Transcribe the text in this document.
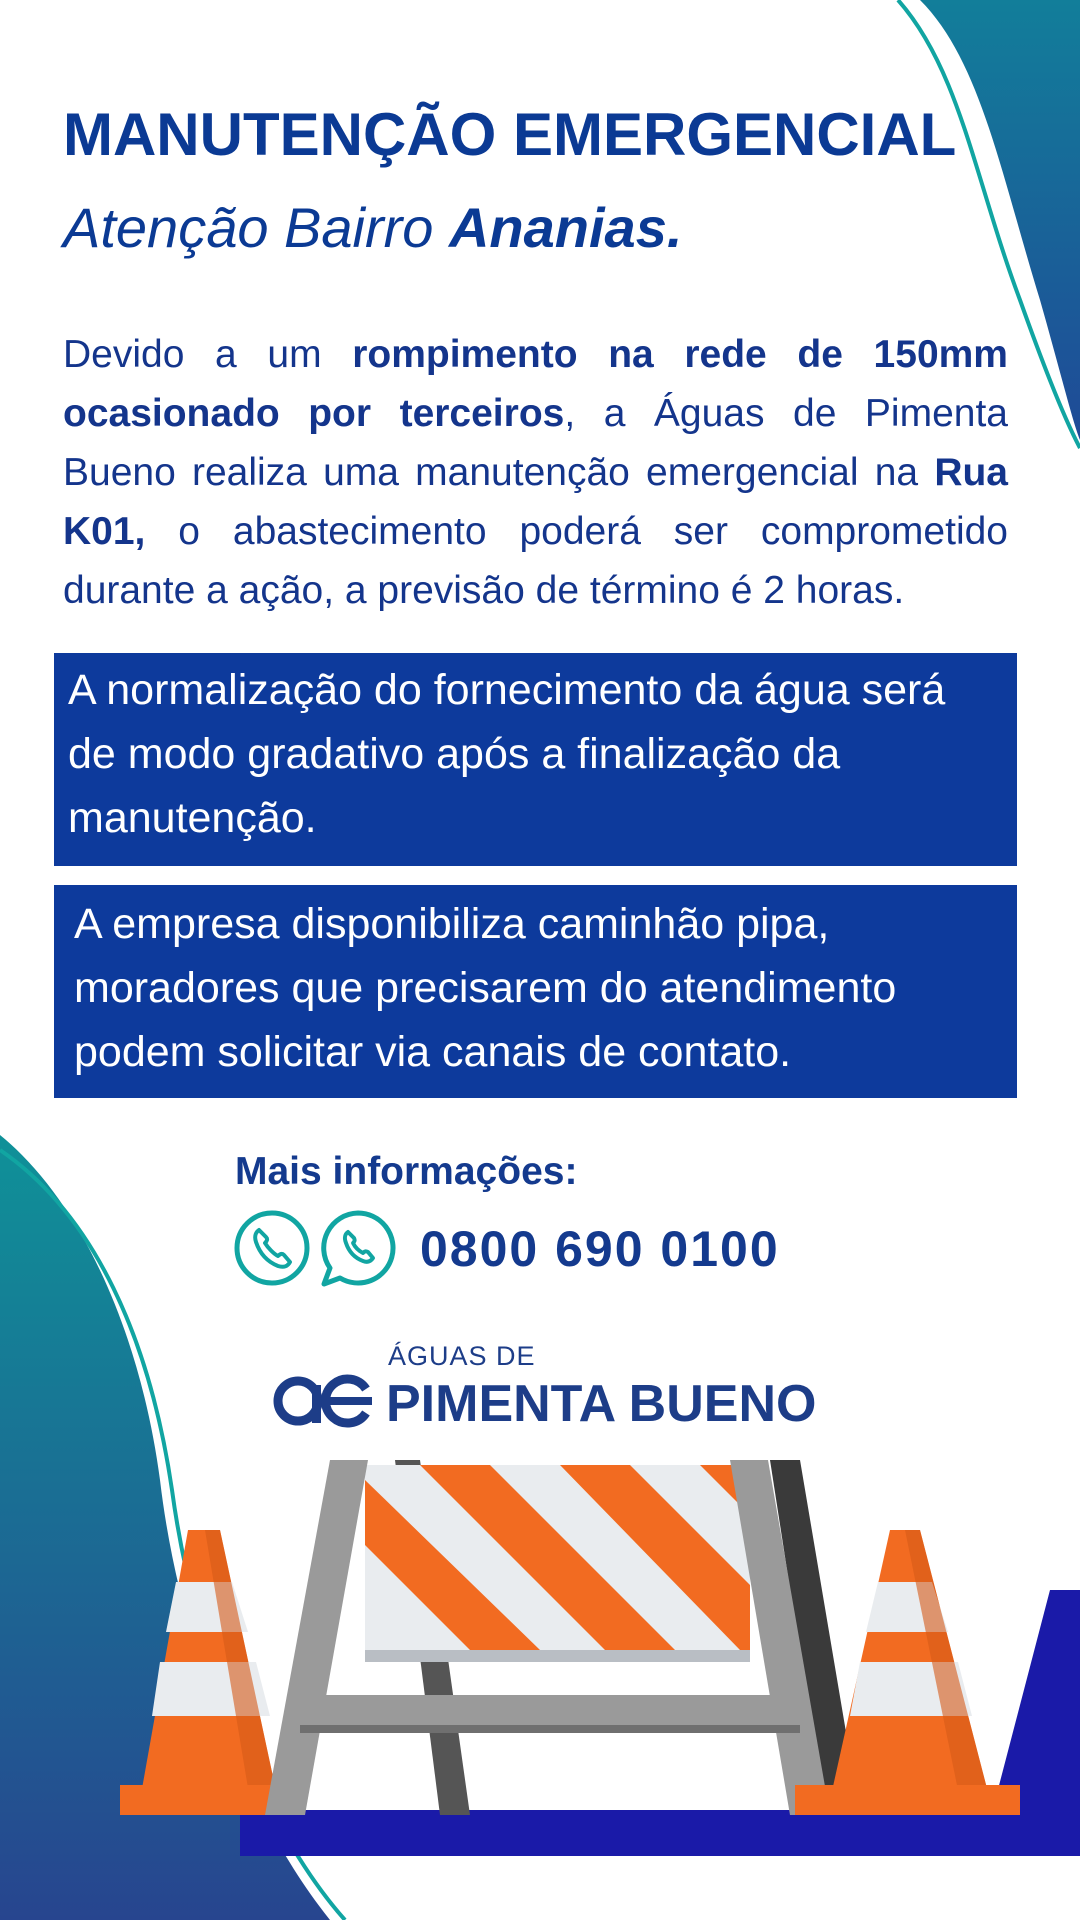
MANUTENÇÃO EMERGENCIAL
Atenção Bairro Ananias.
Devido a um rompimento na rede de 150mm ocasionado por terceiros, a Águas de Pimenta Bueno realiza uma manutenção emergencial na Rua K01, o abastecimento poderá ser comprometido durante a ação, a previsão de término é 2 horas.
A normalização do fornecimento da água será de modo gradativo após a finalização da manutenção.
A empresa disponibiliza caminhão pipa, moradores que precisarem do atendimento podem solicitar via canais de contato.
Mais informações:
0800 690 0100
ÁGUAS DE
PIMENTA BUENO
